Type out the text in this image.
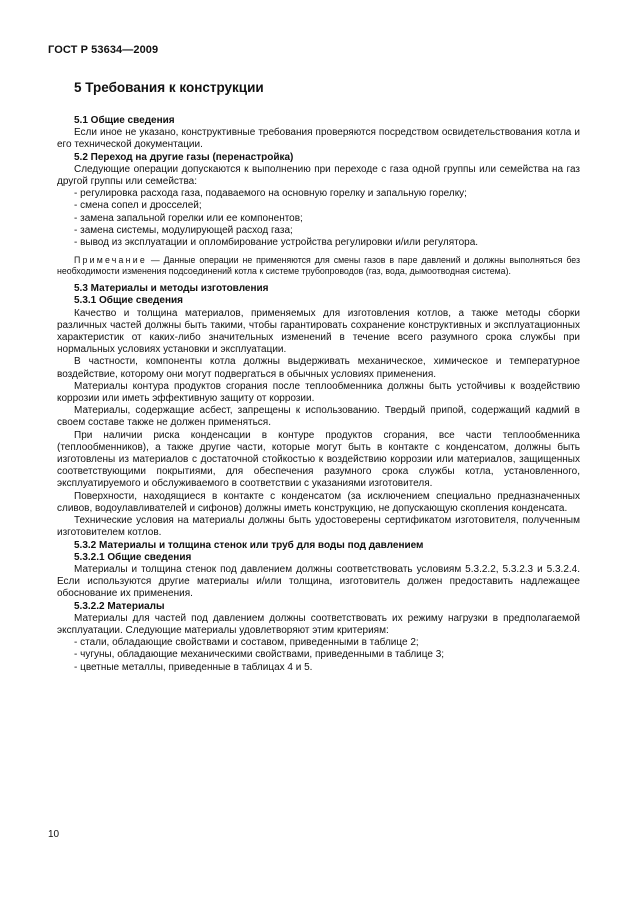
ГОСТ Р 53634—2009
5 Требования к конструкции
5.1 Общие сведения

Если иное не указано, конструктивные требования проверяются посредством освидетельствования котла и его технической документации.

5.2 Переход на другие газы (перенастройка)

Следующие операции допускаются к выполнению при переходе с газа одной группы или семейства на газ другой группы или семейства:

- регулировка расхода газа, подаваемого на основную горелку и запальную горелку;
- смена сопел и дросселей;
- замена запальной горелки или ее компонентов;
- замена системы, модулирующей расход газа;
- вывод из эксплуатации и опломбирование устройства регулировки и/или регулятора.
Примечание — Данные операции не применяются для смены газов в паре давлений и должны выполняться без необходимости изменения подсоединений котла к системе трубопроводов (газ, вода, дымоотводная система).
5.3 Материалы и методы изготовления
5.3.1 Общие сведения

Качество и толщина материалов, применяемых для изготовления котлов, а также методы сборки различных частей должны быть такими, чтобы гарантировать сохранение конструктивных и эксплуатационных характеристик от каких-либо значительных изменений в течение всего разумного срока службы при нормальных условиях установки и эксплуатации.

В частности, компоненты котла должны выдерживать механическое, химическое и температурное воздействие, которому они могут подвергаться в обычных условиях применения.

Материалы контура продуктов сгорания после теплообменника должны быть устойчивы к воздействию коррозии или иметь эффективную защиту от коррозии.

Материалы, содержащие асбест, запрещены к использованию. Твердый припой, содержащий кадмий в своем составе также не должен применяться.

При наличии риска конденсации в контуре продуктов сгорания, все части теплообменника (теплообменников), а также другие части, которые могут быть в контакте с конденсатом, должны быть изготовлены из материалов с достаточной стойкостью к воздействию коррозии или материалов, защищенных соответствующими покрытиями, для обеспечения разумного срока службы котла, установленного, эксплуатируемого и обслуживаемого в соответствии с указаниями изготовителя.

Поверхности, находящиеся в контакте с конденсатом (за исключением специально предназначенных сливов, водоулавливателей и сифонов) должны иметь конструкцию, не допускающую скопления конденсата.

Технические условия на материалы должны быть удостоверены сертификатом изготовителя, полученным изготовителем котлов.

5.3.2 Материалы и толщина стенок или труб для воды под давлением
5.3.2.1 Общие сведения

Материалы и толщина стенок под давлением должны соответствовать условиям 5.3.2.2, 5.3.2.3 и 5.3.2.4. Если используются другие материалы и/или толщина, изготовитель должен предоставить надлежащее обоснование их применения.

5.3.2.2 Материалы

Материалы для частей под давлением должны соответствовать их режиму нагрузки в предполагаемой эксплуатации. Следующие материалы удовлетворяют этим критериям:

- стали, обладающие свойствами и составом, приведенными в таблице 2;
- чугуны, обладающие механическими свойствами, приведенными в таблице 3;
- цветные металлы, приведенные в таблицах 4 и 5.
10
